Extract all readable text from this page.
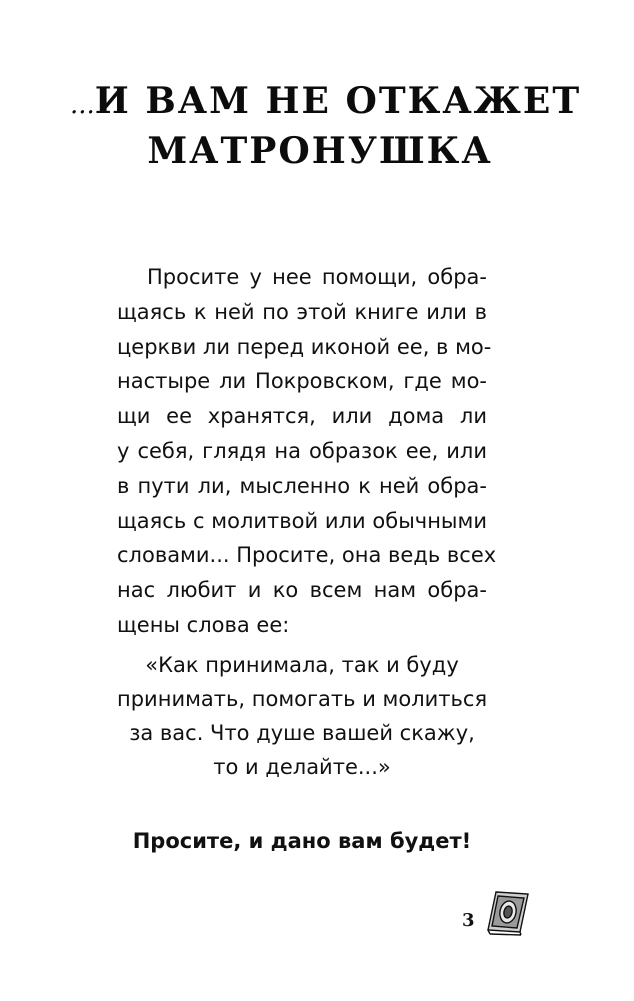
...И ВАМ НЕ ОТКАЖЕТ
МАТРОНУШКА
Просите у нее помощи, обра-
щаясь к ней по этой книге или в
церкви ли перед иконой ее, в мо-
настыре ли Покровском, где мо-
щи ее хранятся, или дома ли
у себя, глядя на образок ее, или
в пути ли, мысленно к ней обра-
щаясь с молитвой или обычными
словами... Просите, она ведь всех
нас любит и ко всем нам обра-
щены слова ее:
«Как принимала, так и буду
принимать, помогать и молиться
за вас. Что душе вашей скажу,
то и делайте...»

Просите, и дано вам будет!

3
